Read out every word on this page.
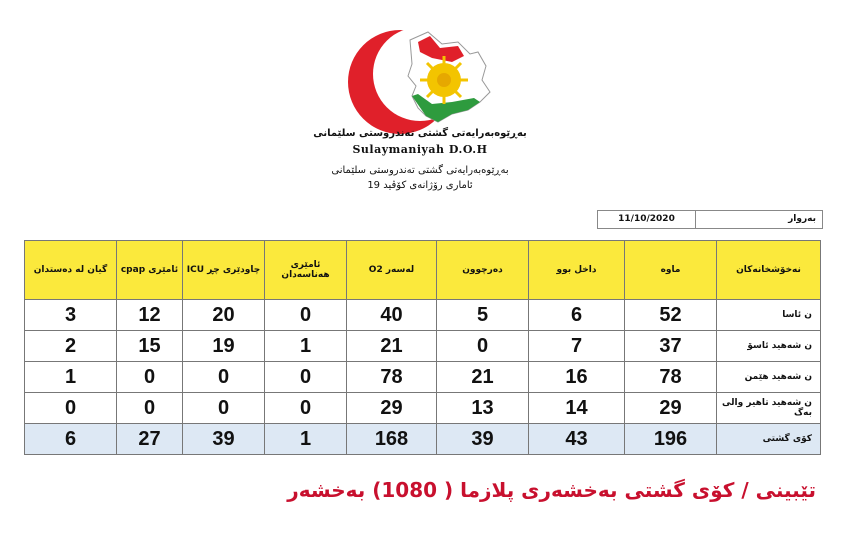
بەڕێوەبەرایەتی گشتی تەندروستی سلێمانی
Sulaymaniyah D.O.H
بەڕێوەبەرایەتی گشتی تەندروستی سلێمانی
ئاماری رۆژانەی کۆڤید 19
11/10/2020	بەروار
گیان لە دەستدان	ئامێری cpap	چاودێری چڕ ICU	ئامێری هەناسەدان	لەسەر O2	دەرچوون	داخل بوو	ماوە	نەخۆشخانەکان
3	12	20	0	40	5	6	52	ن ئاسا
2	15	19	1	21	0	7	37	ن شەهید ئاسۆ
1	0	0	0	78	21	16	78	ن شەهید هێمن
0	0	0	0	29	13	14	29	ن شەهید تاهیر والی بەگ
6	27	39	1	168	39	43	196	کۆی گشتی
تێبینی / کۆی گشتی بەخشەری پلازما ( 1080) بەخشەر
